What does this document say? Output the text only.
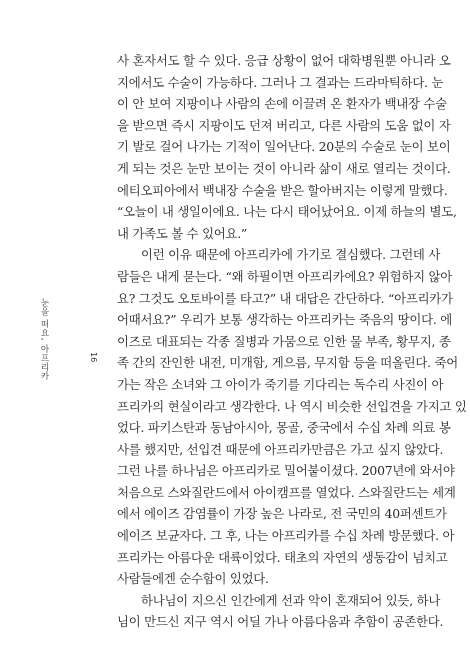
눈을 떠요, 아프리카	16
사 혼자서도 할 수 있다. 응급 상황이 없어 대학병원뿐 아니라 오
지에서도 수술이 가능하다. 그러나 그 결과는 드라마틱하다. 눈
이 안 보여 지팡이나 사람의 손에 이끌려 온 환자가 백내장 수술
을 받으면 즉시 지팡이도 던져 버리고, 다른 사람의 도움 없이 자
기 발로 걸어 나가는 기적이 일어난다. 20분의 수술로 눈이 보이
게 되는 것은 눈만 보이는 것이 아니라 삶이 새로 열리는 것이다.
에티오피아에서 백내장 수술을 받은 할아버지는 이렇게 말했다.
“오늘이 내 생일이에요. 나는 다시 태어났어요. 이제 하늘의 별도,
내 가족도 볼 수 있어요.”
이런 이유 때문에 아프리카에 가기로 결심했다. 그런데 사
람들은 내게 묻는다. “왜 하필이면 아프리카에요? 위험하지 않아
요? 그것도 오토바이를 타고?” 내 대답은 간단하다. “아프리카가
어때서요?” 우리가 보통 생각하는 아프리카는 죽음의 땅이다. 에
이즈로 대표되는 각종 질병과 가뭄으로 인한 물 부족, 황무지, 종
족 간의 잔인한 내전, 미개함, 게으름, 무지함 등을 떠올린다. 죽어
가는 작은 소녀와 그 아이가 죽기를 기다리는 독수리 사진이 아
프리카의 현실이라고 생각한다. 나 역시 비슷한 선입견을 가지고 있
었다. 파키스탄과 동남아시아, 몽골, 중국에서 수십 차례 의료 봉
사를 했지만, 선입견 때문에 아프리카만큼은 가고 싶지 않았다.
그런 나를 하나님은 아프리카로 밀어붙이셨다. 2007년에 와서야
처음으로 스와질란드에서 아이캠프를 열었다. 스와질란드는 세계
에서 에이즈 감염률이 가장 높은 나라로, 전 국민의 40퍼센트가
에이즈 보균자다. 그 후, 나는 아프리카를 수십 차례 방문했다. 아
프리카는 아름다운 대륙이었다. 태초의 자연의 생동감이 넘치고
사람들에겐 순수함이 있었다.
하나님이 지으신 인간에게 선과 악이 혼재되어 있듯, 하나
님이 만드신 지구 역시 어딜 가나 아름다움과 추함이 공존한다.
